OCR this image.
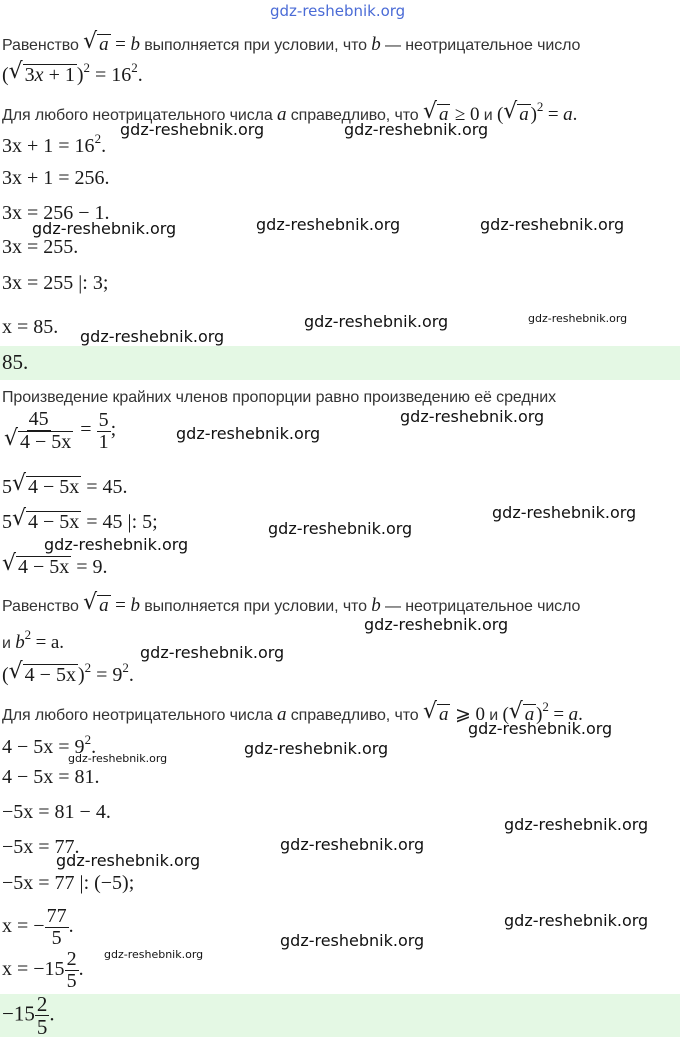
gdz-reshebnik.org
Равенство √ a = b выполняется при условии, что b — неотрицательное число
( √ 3x + 1 )$^2 = 16^2$.
Для любого неотрицательного числа a справедливо, что √ a ≥ 0 и ( √ a )$^2$ = a.
$3x + 1 = 16^2$.
3x + 1 = 256.
3x = 256 − 1.
3x = 255.
3x = 255 |: 3;
x = 85.
85.
Произведение крайних членов пропорции равно произведению её средних
$\frac{45}{√ 4 - 5x} = \frac{5}{1}$ ;
5 √ 4 − 5x = 45.
5 √ 4 − 5x = 45 |: 5;
√ 4 − 5x = 9.
Равенство √ a = b выполняется при условии, что b — неотрицательное число
и $b^2 = a$.
( √ 4 − 5x )$^2 = 9^2$.
Для любого неотрицательного числа a справедливо, что √ a ⩾ 0 и ( √ a )$^2$ = a.
$4 - 5x = 9^2$.
4 − 5x = 81.
−5x = 81 − 4.
−5x = 77.
−5x = 77 |: (−5);
x = − $\frac{77}{5}$ .
$x = -15 \frac{2}{5}$ .
$-15 \frac{2}{5}$ .
gdz-reshebnik.org	gdz-reshebnik.org
gdz-reshebnik.org	gdz-reshebnik.org	gdz-reshebnik.org
gdz-reshebnik.org	gdz-reshebnik.org
gdz-reshebnik.org
gdz-reshebnik.org
gdz-reshebnik.org
gdz-reshebnik.org
gdz-reshebnik.org
gdz-reshebnik.org
gdz-reshebnik.org
gdz-reshebnik.org
gdz-reshebnik.org
gdz-reshebnik.org
gdz-reshebnik.org
gdz-reshebnik.org
gdz-reshebnik.org
gdz-reshebnik.org
gdz-reshebnik.org
gdz-reshebnik.org
gdz-reshebnik.org
